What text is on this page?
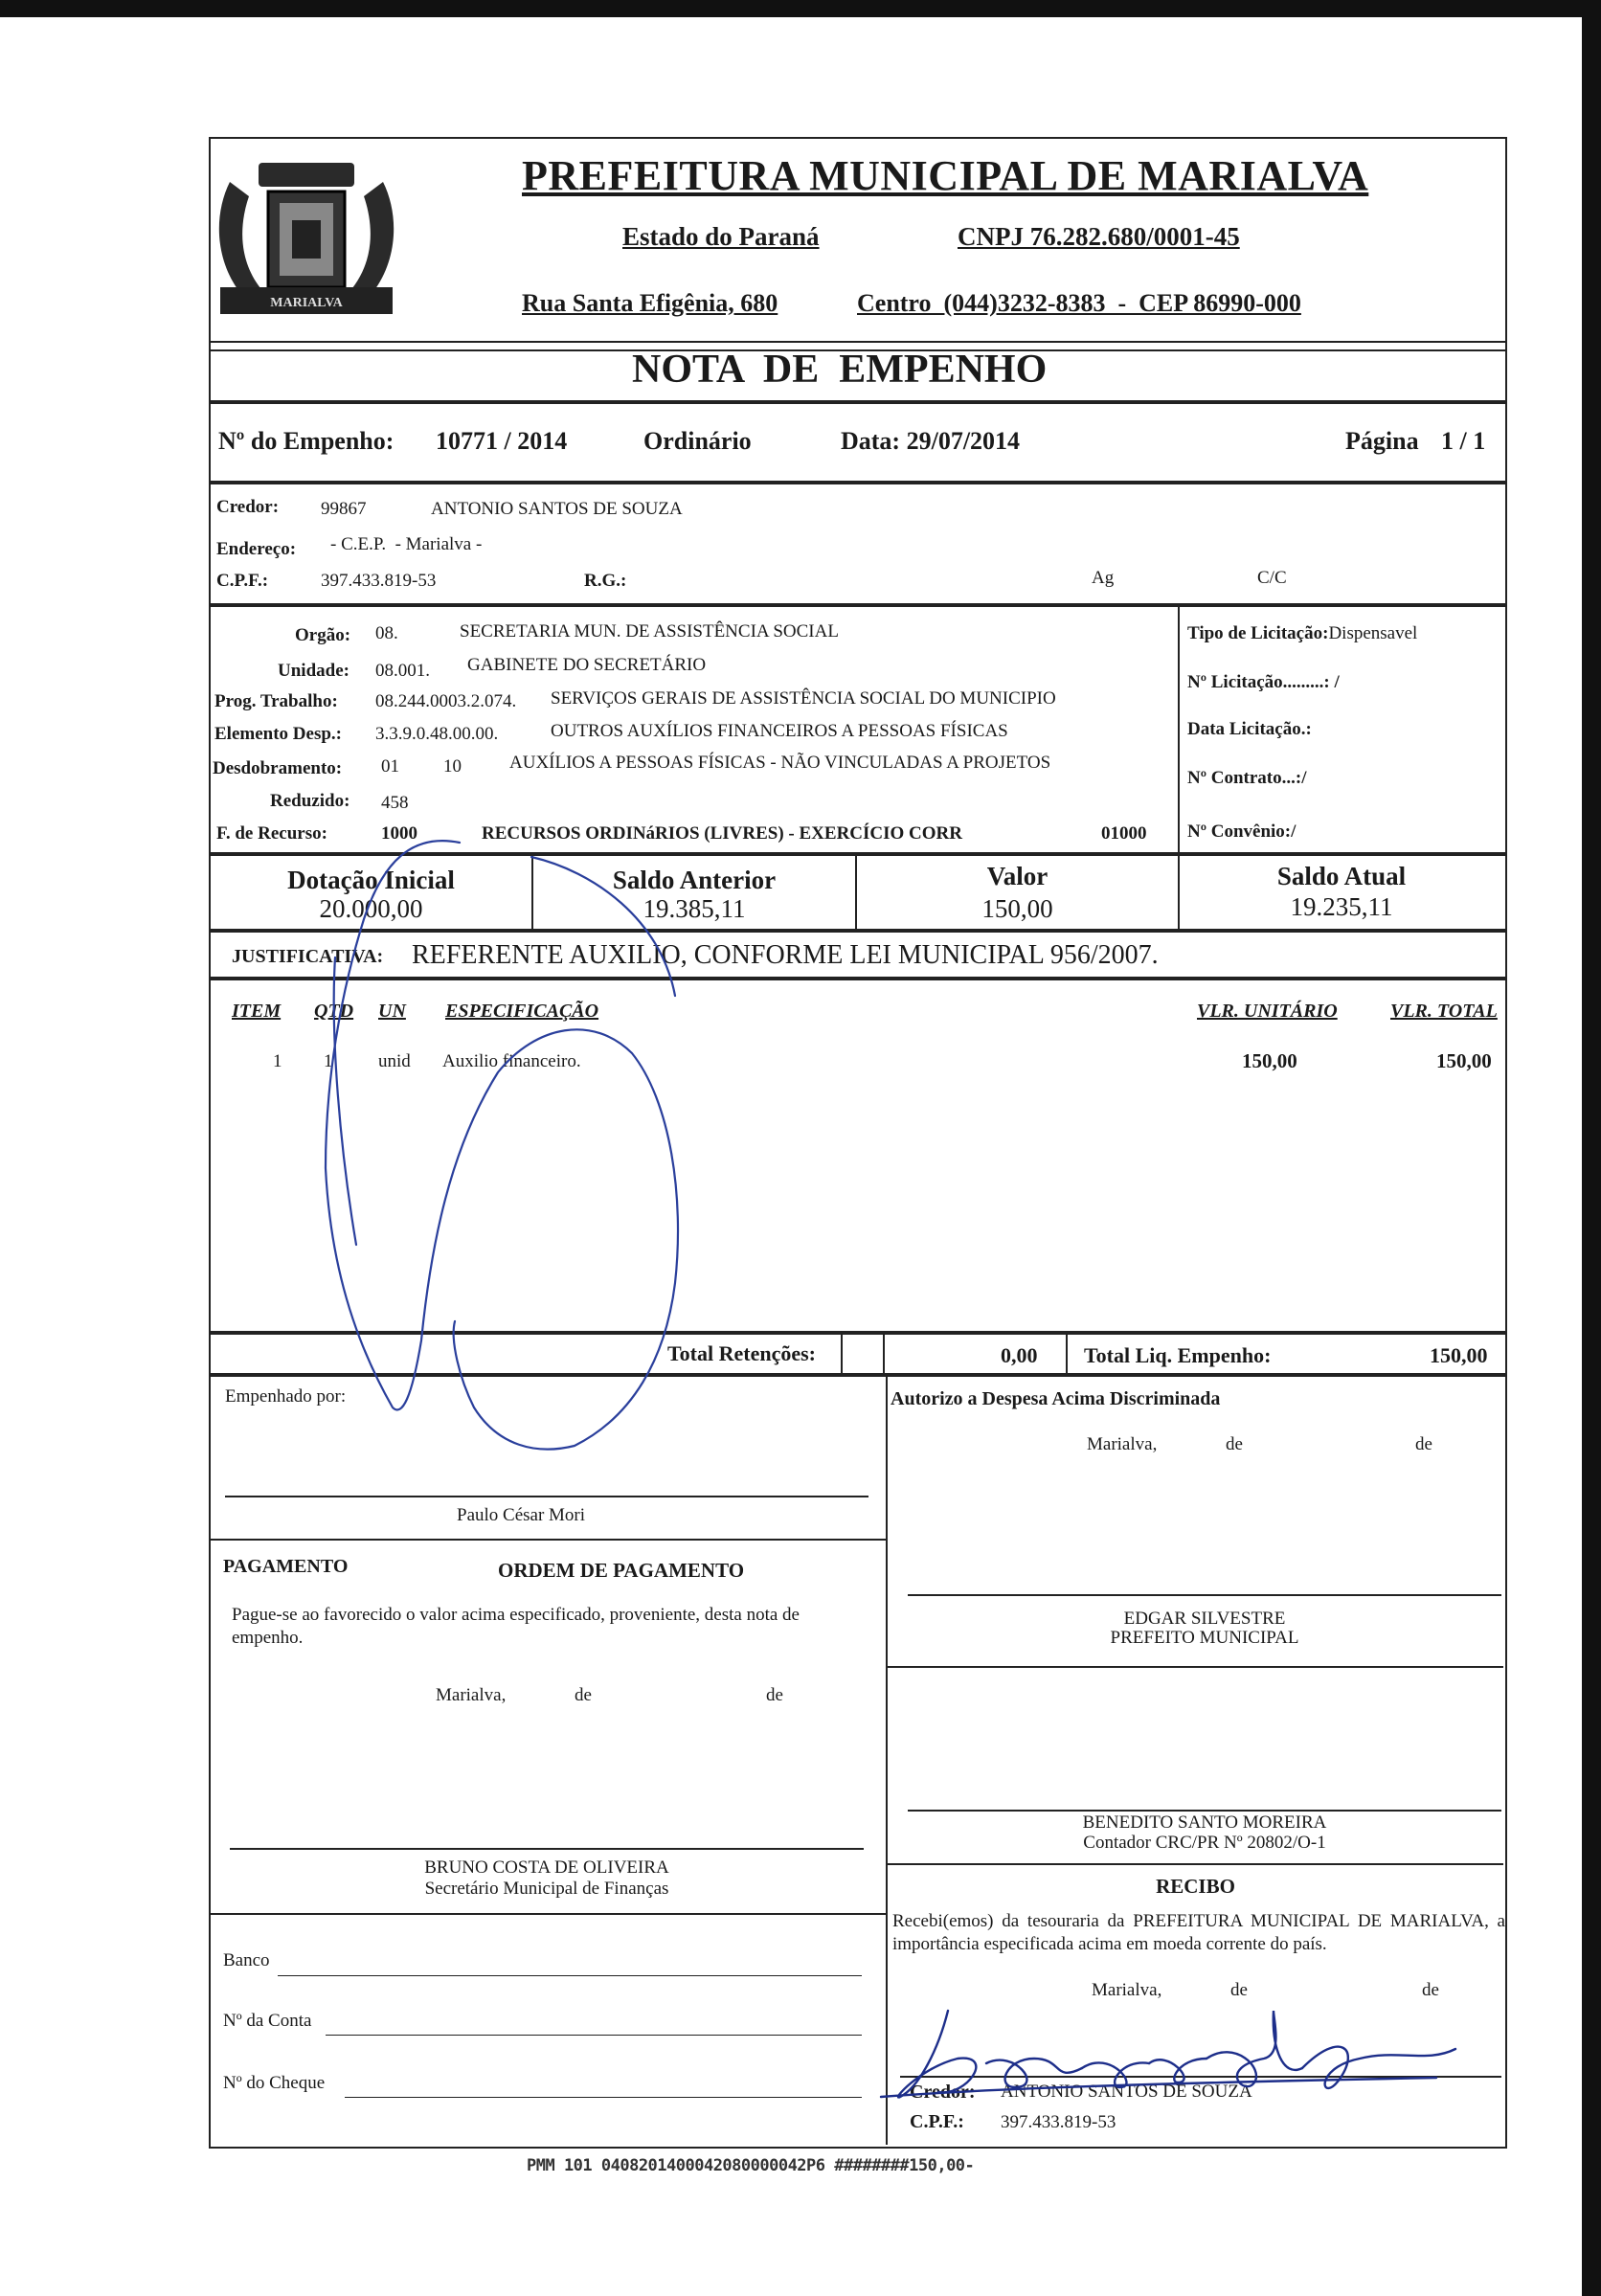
MARIALVA
PREFEITURA MUNICIPAL DE MARIALVA
Estado do Paraná	CNPJ 76.282.680/0001-45
Rua Santa Efigênia, 680	Centro  (044)3232-8383  -  CEP 86990-000
NOTA  DE  EMPENHO
Nº do Empenho: 10771 / 2014	Ordinário	Data: 29/07/2014	Página 1 / 1
Credor: 99867	ANTONIO SANTOS DE SOUZA
Endereço: - C.E.P.  - Marialva -
C.P.F.:	397.433.819-53	R.G.:	Ag	C/C
Orgão: 08.	SECRETARIA MUN. DE ASSISTÊNCIA SOCIAL
Unidade: 08.001. GABINETE DO SECRETÁRIO
Prog. Trabalho: 08.244.0003.2.074. SERVIÇOS GERAIS DE ASSISTÊNCIA SOCIAL DO MUNICIPIO
Elemento Desp.: 3.3.9.0.48.00.00.	OUTROS AUXÍLIOS FINANCEIROS A PESSOAS FÍSICAS
Desdobramento: 01 10	AUXÍLIOS A PESSOAS FÍSICAS - NÃO VINCULADAS A PROJETOS
Reduzido: 458
F. de Recurso:	1000	RECURSOS ORDINáRIOS (LIVRES) - EXERCÍCIO CORR	01000
Tipo de Licitação:Dispensavel
Nº Licitação.........: /
Data Licitação.:
Nº Contrato...:/
Nº Convênio:/
Dotação Inicial
20.000,00
Saldo Anterior
19.385,11
Valor
150,00
Saldo Atual
19.235,11
JUSTIFICATIVA: REFERENTE AUXILIO, CONFORME LEI MUNICIPAL 956/2007.
ITEM QTD UN ESPECIFICAÇÃO	VLR. UNITÁRIO	VLR. TOTAL
1 1	unid Auxilio financeiro.	150,00	150,00
Total Retenções:	0,00 Total Liq. Empenho:	150,00
Empenhado por:
Paulo César Mori
PAGAMENTO	ORDEM DE PAGAMENTO
Pague-se ao favorecido o valor acima especificado, proveniente, desta nota de empenho.
Marialva,	de	de
BRUNO COSTA DE OLIVEIRA
Secretário Municipal de Finanças
Banco
Nº da Conta
Nº do Cheque
Autorizo a Despesa Acima Discriminada
Marialva,	de	de
EDGAR SILVESTRE
PREFEITO MUNICIPAL
BENEDITO SANTO MOREIRA
Contador CRC/PR Nº 20802/O-1
RECIBO
Recebi(emos) da tesouraria da PREFEITURA MUNICIPAL DE MARIALVA, a importância especificada acima em moeda corrente do país.
Marialva,	de	de
Credor: ANTONIO SANTOS DE SOUZA
C.P.F.: 397.433.819-53
PMM 101 0408201400042080000042P6 ########150,00-
